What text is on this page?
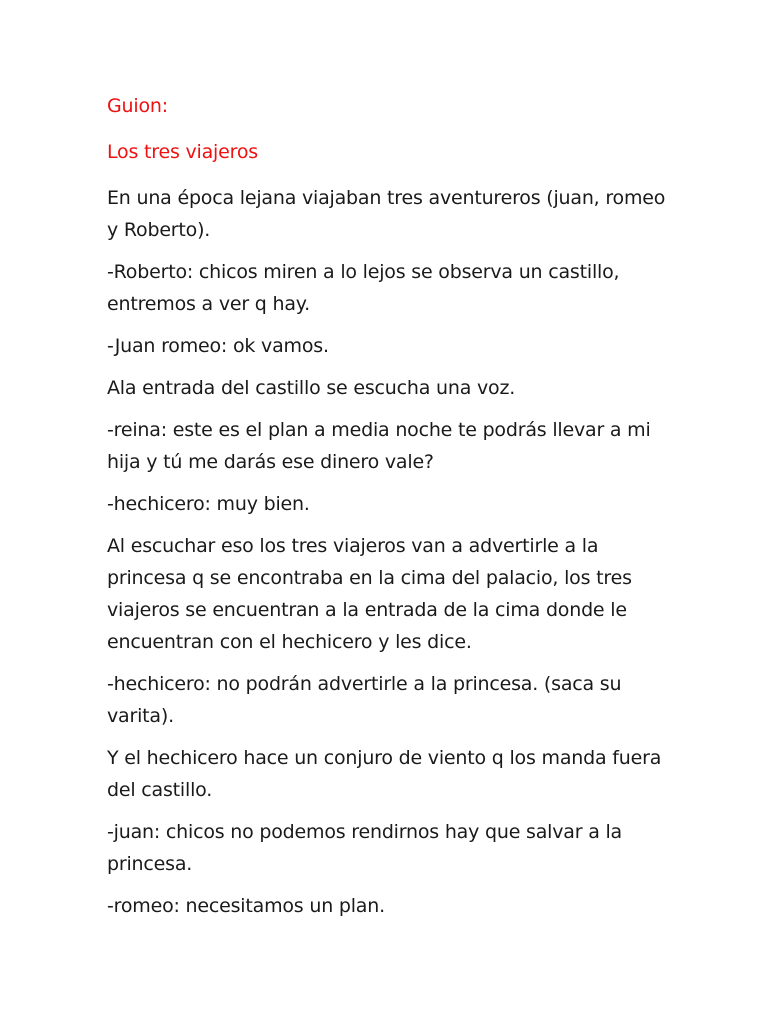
Guion:

Los tres viajeros

En una época lejana viajaban tres aventureros (juan, romeo y Roberto).

-Roberto: chicos miren a lo lejos se observa un castillo, entremos a ver q hay.

-Juan romeo: ok vamos.

Ala entrada del castillo se escucha una voz.

-reina: este es el plan a media noche te podrás llevar a mi hija y tú me darás ese dinero vale?

-hechicero: muy bien.

Al escuchar eso los tres viajeros van a advertirle a la princesa q se encontraba en la cima del palacio, los tres viajeros se encuentran a la entrada de la cima donde le encuentran con el hechicero y les dice.

-hechicero: no podrán advertirle a la princesa. (saca su varita).

Y el hechicero hace un conjuro de viento q los manda fuera del castillo.

-juan: chicos no podemos rendirnos hay que salvar a la princesa.

-romeo: necesitamos un plan.
